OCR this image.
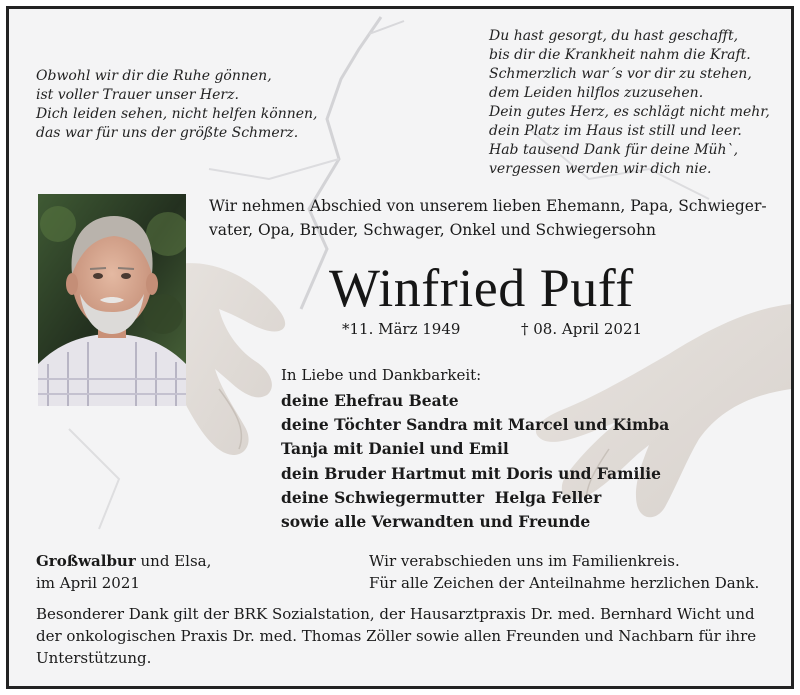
Obwohl wir dir die Ruhe gönnen,
ist voller Trauer unser Herz.
Dich leiden sehen, nicht helfen können,
das war für uns der größte Schmerz.
Du hast gesorgt, du hast geschafft,
bis dir die Krankheit nahm die Kraft.
Schmerzlich war´s vor dir zu stehen,
dem Leiden hilflos zuzusehen.
Dein gutes Herz, es schlägt nicht mehr,
dein Platz im Haus ist still und leer.
Hab tausend Dank für deine Müh`,
vergessen werden wir dich nie.
Wir nehmen Abschied von unserem lieben Ehemann, Papa, Schwieger-
vater, Opa, Bruder, Schwager, Onkel und Schwiegersohn
Winfried Puff
*11. März 1949	† 08. April 2021
In Liebe und Dankbarkeit:
deine Ehefrau Beate
deine Töchter Sandra mit Marcel und Kimba
Tanja mit Daniel und Emil
dein Bruder Hartmut mit Doris und Familie
deine Schwiegermutter  Helga Feller
sowie alle Verwandten und Freunde
Großwalbur und Elsa,
im April 2021
Wir verabschieden uns im Familienkreis.
Für alle Zeichen der Anteilnahme herzlichen Dank.
Besonderer Dank gilt der BRK Sozialstation, der Hausarztpraxis Dr. med. Bernhard Wicht und
der onkologischen Praxis Dr. med. Thomas Zöller sowie allen Freunden und Nachbarn für ihre
Unterstützung.
